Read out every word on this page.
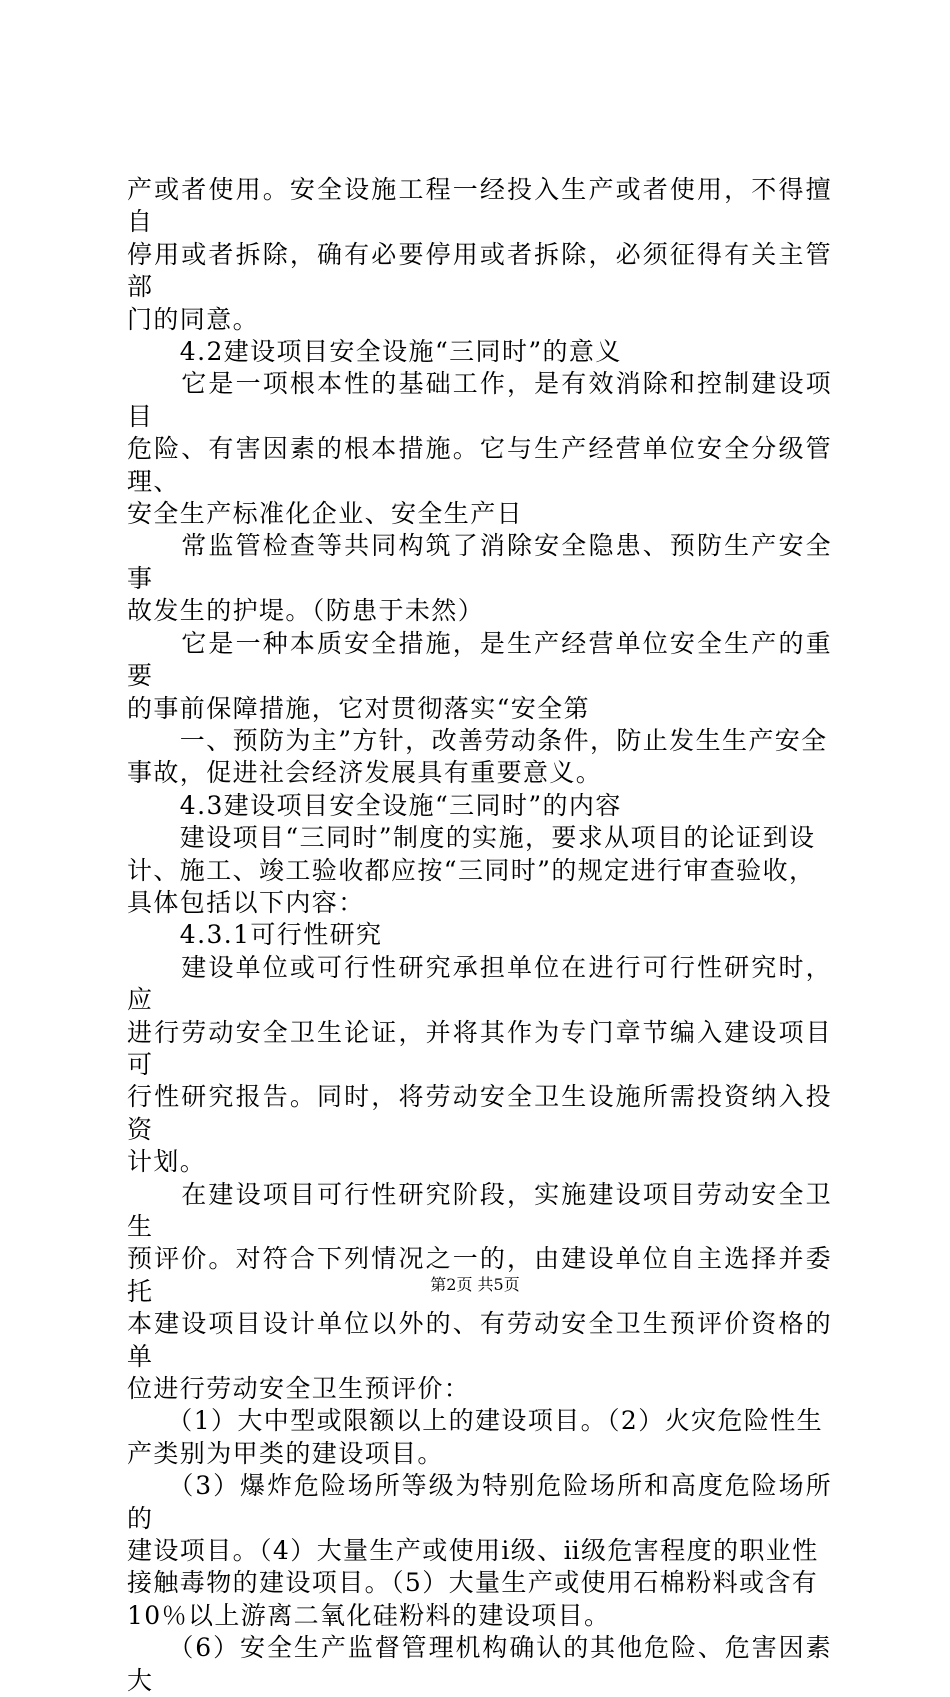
产或者使用。安全设施工程一经投入生产或者使用，不得擅自

停用或者拆除，确有必要停用或者拆除，必须征得有关主管部

门的同意。

　　4.2建设项目安全设施“三同时”的意义

　　它是一项根本性的基础工作，是有效消除和控制建设项目

危险、有害因素的根本措施。它与生产经营单位安全分级管理、

安全生产标准化企业、安全生产日

　　常监管检查等共同构筑了消除安全隐患、预防生产安全事

故发生的护堤。（防患于未然）

　　它是一种本质安全措施，是生产经营单位安全生产的重要

的事前保障措施，它对贯彻落实“安全第

　　一、预防为主”方针，改善劳动条件，防止发生生产安全

事故，促进社会经济发展具有重要意义。

　　4.3建设项目安全设施“三同时”的内容

　　建设项目“三同时”制度的实施，要求从项目的论证到设

计、施工、竣工验收都应按“三同时”的规定进行审查验收，

具体包括以下内容：

　　4.3.1可行性研究

　　建设单位或可行性研究承担单位在进行可行性研究时，应

进行劳动安全卫生论证，并将其作为专门章节编入建设项目可

行性研究报告。同时，将劳动安全卫生设施所需投资纳入投资

计划。

　　在建设项目可行性研究阶段，实施建设项目劳动安全卫生

预评价。对符合下列情况之一的，由建设单位自主选择并委托

本建设项目设计单位以外的、有劳动安全卫生预评价资格的单

位进行劳动安全卫生预评价：

　　（1）大中型或限额以上的建设项目。（2）火灾危险性生

产类别为甲类的建设项目。

　　（3）爆炸危险场所等级为特别危险场所和高度危险场所的

建设项目。（4）大量生产或使用ⅰ级、ⅱ级危害程度的职业性

接触毒物的建设项目。（5）大量生产或使用石棉粉料或含有

10％以上游离二氧化硅粉料的建设项目。

　　（6）安全生产监督管理机构确认的其他危险、危害因素大

第2页 共5页
